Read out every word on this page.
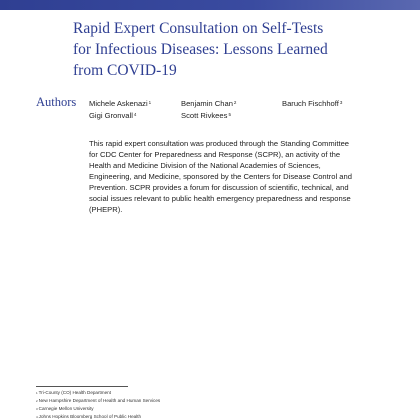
Rapid Expert Consultation on Self-Tests
for Infectious Diseases: Lessons Learned
from COVID-19
Authors Michele Askenazi$^1$	Benjamin Chan$^2$	Baruch Fischhoff$^3$
Gigi Gronvall$^4$	Scott Rivkees$^5$

This rapid expert consultation was produced through the Standing Committee
for CDC Center for Preparedness and Response (SCPR), an activity of the
Health and Medicine Division of the National Academies of Sciences,
Engineering, and Medicine, sponsored by the Centers for Disease Control and
Prevention. SCPR provides a forum for discussion of scientific, technical, and
social issues relevant to public health emergency preparedness and response
(PHEPR).

$^1$Tri-County (CO) Health Department
$^2$New Hampshire Department of Health and Human Services
$^3$Carnegie Mellon University
$^4$Johns Hopkins Bloomberg School of Public Health
